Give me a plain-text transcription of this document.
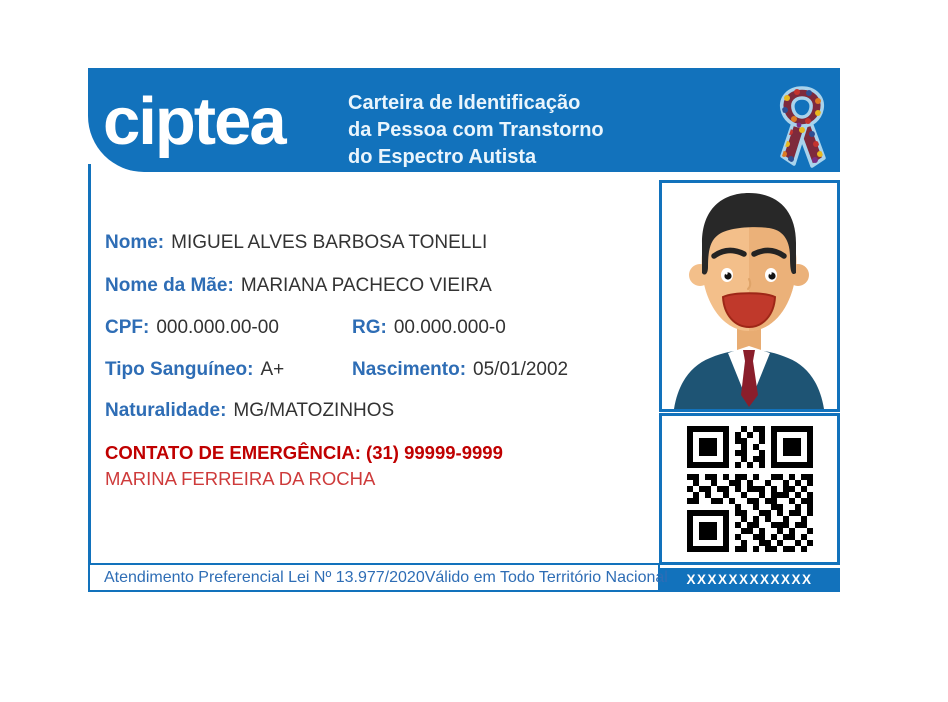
ciptea	Carteira de Identificação
da Pessoa com Transtorno
do Espectro Autista
Nome: MIGUEL ALVES BARBOSA TONELLI
Nome da Mãe: MARIANA PACHECO VIEIRA
CPF: 000.000.00-00	RG: 00.000.000-0
Tipo Sanguíneo: A+	Nascimento: 05/01/2002
Naturalidade: MG/MATOZINHOS
CONTATO DE EMERGÊNCIA: (31) 99999-9999
MARINA FERREIRA DA ROCHA
XXXXXXXXXXXX
Atendimento Preferencial Lei Nº 13.977/2020 Válido em Todo Território Nacional
